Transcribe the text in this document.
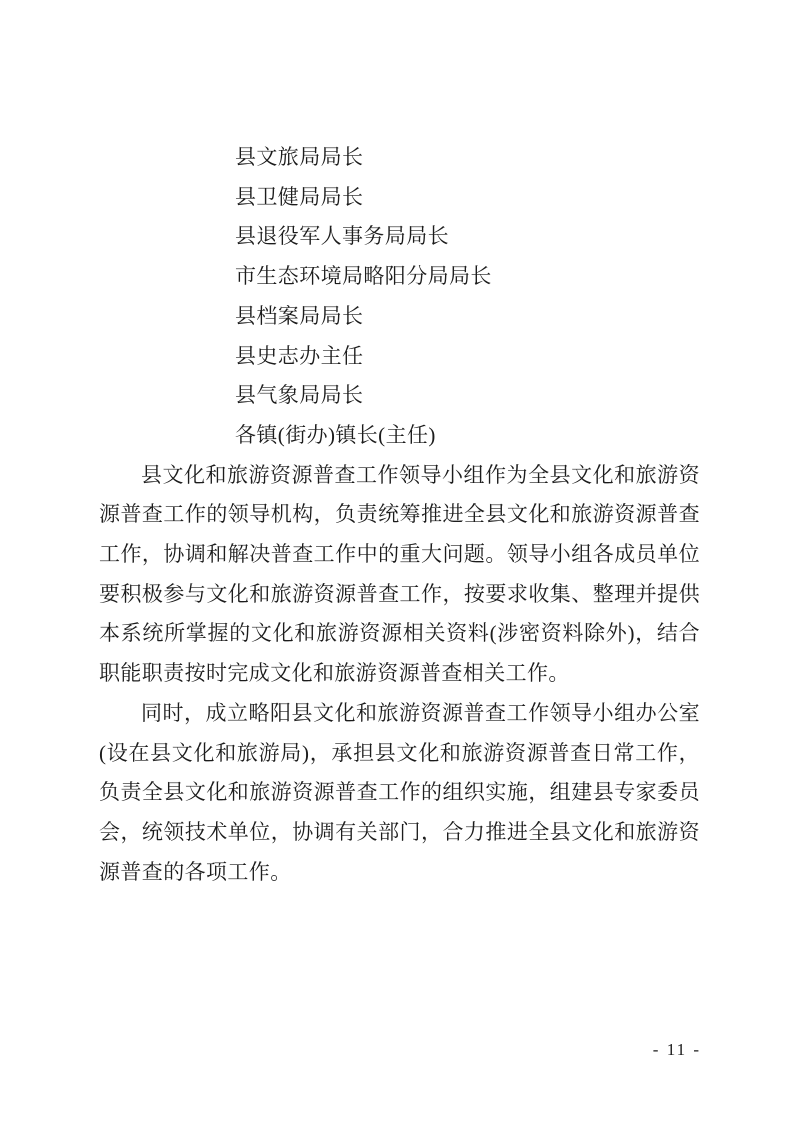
县文旅局局长
县卫健局局长
县退役军人事务局局长
市生态环境局略阳分局局长
县档案局局长
县史志办主任
县气象局局长
各镇(街办)镇长(主任)

县文化和旅游资源普查工作领导小组作为全县文化和旅游资源普查工作的领导机构，负责统筹推进全县文化和旅游资源普查工作，协调和解决普查工作中的重大问题。领导小组各成员单位要积极参与文化和旅游资源普查工作，按要求收集、整理并提供本系统所掌握的文化和旅游资源相关资料(涉密资料除外)，结合职能职责按时完成文化和旅游资源普查相关工作。

同时，成立略阳县文化和旅游资源普查工作领导小组办公室(设在县文化和旅游局)，承担县文化和旅游资源普查日常工作，负责全县文化和旅游资源普查工作的组织实施，组建县专家委员会，统领技术单位，协调有关部门，合力推进全县文化和旅游资源普查的各项工作。

- 11 -
